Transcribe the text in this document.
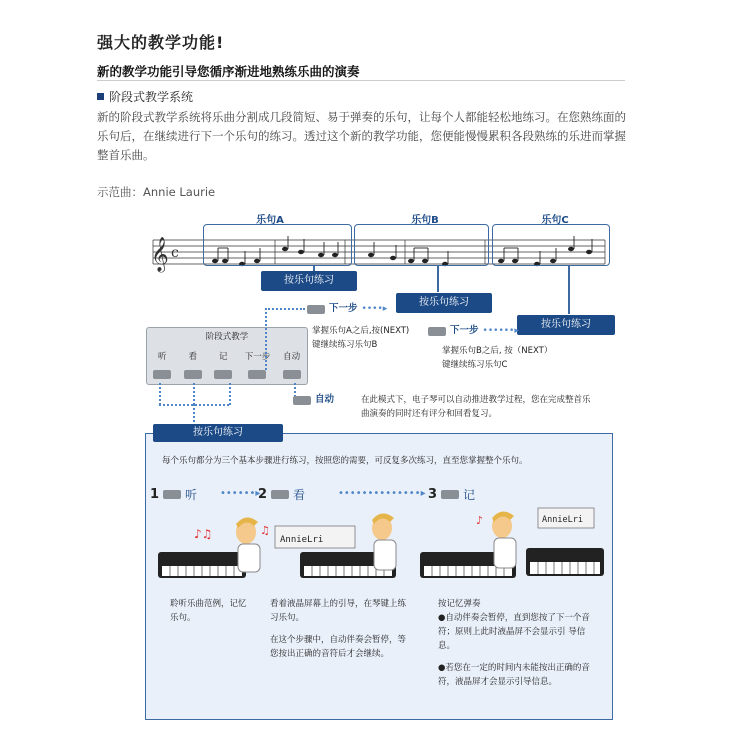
强大的教学功能!
新的教学功能引导您循序渐进地熟练乐曲的演奏
阶段式教学系统
新的阶段式教学系统将乐曲分割成几段简短、易于弹奏的乐句，让每个人都能轻松地练习。在您熟练面的乐句后，在继续进行下一个乐句的练习。透过这个新的教学功能，您便能慢慢累积各段熟练的乐进而掌握整首乐曲。
示范曲：Annie Laurie
乐句A	乐句B	乐句C
𝄞 c
按乐句练习
按乐句练习
按乐句练习
下一步 ••••▸
下一步 ••••••▸
掌握乐句A之后,按(NEXT)
键继续练习乐句B
掌握乐句B之后, 按（NEXT）
键继续练习乐句C
阶段式教学
听	看	记	下一步 自动
自动	在此模式下，电子琴可以自动推进教学过程，您在完成整首乐
曲演奏的同时还有评分和回看复习。
每个乐句都分为三个基本步骤进行练习，按照您的需要，可反复多次练习，直至您掌握整个乐句。
1 听 ••••••▸
2 看	••••••••••••••▸ 3 记
♪♫	♫
AnnieLri
♪	AnnieLri
聆听乐曲范例，记忆
乐句。
看着液晶屏幕上的引导，在琴键上练
习乐句。
在这个步骤中，自动伴奏会暂停，等
您按出正确的音符后才会继续。
按记忆弹奏
●自动伴奏会暂停，直到您按了下一个音
符；原则上此时液晶屏不会显示引 导信
息。
●若您在一定的时间内未能按出正确的音
符，液晶屏才会显示引导信息。
按乐句练习
